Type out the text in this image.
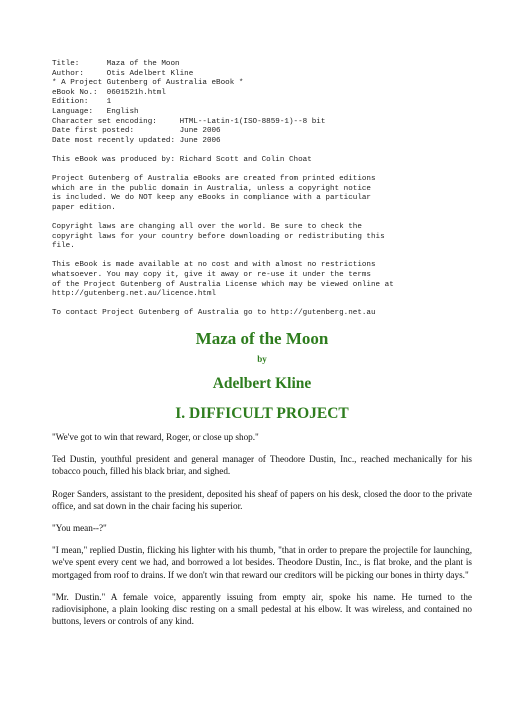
Title:      Maza of the Moon
Author:     Otis Adelbert Kline
* A Project Gutenberg of Australia eBook *
eBook No.:  0601521h.html
Edition:    1
Language:   English
Character set encoding:     HTML--Latin-1(ISO-8859-1)--8 bit
Date first posted:          June 2006
Date most recently updated: June 2006
This eBook was produced by: Richard Scott and Colin Choat
Project Gutenberg of Australia eBooks are created from printed editions
which are in the public domain in Australia, unless a copyright notice
is included. We do NOT keep any eBooks in compliance with a particular
paper edition.
Copyright laws are changing all over the world. Be sure to check the
copyright laws for your country before downloading or redistributing this
file.
This eBook is made available at no cost and with almost no restrictions
whatsoever. You may copy it, give it away or re-use it under the terms
of the Project Gutenberg of Australia License which may be viewed online at
http://gutenberg.net.au/licence.html
To contact Project Gutenberg of Australia go to http://gutenberg.net.au
Maza of the Moon
by
Adelbert Kline
I. DIFFICULT PROJECT

"We've got to win that reward, Roger, or close up shop."

Ted Dustin, youthful president and general manager of Theodore Dustin, Inc., reached mechanically for his tobacco pouch, filled his black briar, and sighed.

Roger Sanders, assistant to the president, deposited his sheaf of papers on his desk, closed the door to the private office, and sat down in the chair facing his superior.

"You mean--?"

"I mean," replied Dustin, flicking his lighter with his thumb, "that in order to prepare the projectile for launching, we've spent every cent we had, and borrowed a lot besides. Theodore Dustin, Inc., is flat broke, and the plant is mortgaged from roof to drains. If we don't win that reward our creditors will be picking our bones in thirty days."

"Mr. Dustin." A female voice, apparently issuing from empty air, spoke his name. He turned to the radiovisiphone, a plain looking disc resting on a small pedestal at his elbow. It was wireless, and contained no buttons, levers or controls of any kind.
